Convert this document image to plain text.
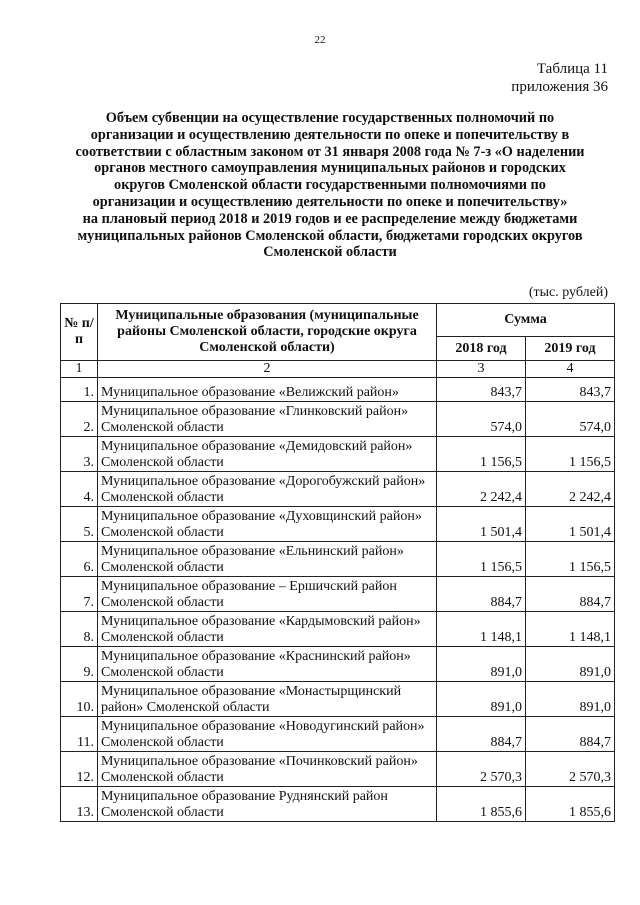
22
Таблица 11
приложения 36
Объем субвенции на осуществление государственных полномочий по
организации и осуществлению деятельности по опеке и попечительству в
соответствии с областным законом от 31 января 2008 года № 7-з «О наделении
органов местного самоуправления муниципальных районов и городских
округов Смоленской области государственными полномочиями по
организации и осуществлению деятельности по опеке и попечительству»
на плановый период 2018 и 2019 годов и ее распределение между бюджетами
муниципальных районов Смоленской области, бюджетами городских округов
Смоленской области
(тыс. рублей)
№ п/п	Муниципальные образования (муниципальные районы Смоленской области, городские округа Смоленской области)	Сумма	
		2018 год	2019 год
1	2	3	4
1.	Муниципальное образование «Велижский район»	843,7	843,7
2.	Муниципальное образование «Глинковский район» Смоленской области	574,0	574,0
3.	Муниципальное образование «Демидовский район» Смоленской области	1 156,5	1 156,5
4.	Муниципальное образование «Дорогобужский район» Смоленской области	2 242,4	2 242,4
5.	Муниципальное образование «Духовщинский район» Смоленской области	1 501,4	1 501,4
6.	Муниципальное образование «Ельнинский район» Смоленской области	1 156,5	1 156,5
7.	Муниципальное образование – Ершичский район Смоленской области	884,7	884,7
8.	Муниципальное образование «Кардымовский район» Смоленской области	1 148,1	1 148,1
9.	Муниципальное образование «Краснинский район» Смоленской области	891,0	891,0
10.	Муниципальное образование «Монастырщинский район» Смоленской области	891,0	891,0
11.	Муниципальное образование «Новодугинский район» Смоленской области	884,7	884,7
12.	Муниципальное образование «Починковский район» Смоленской области	2 570,3	2 570,3
13.	Муниципальное образование Руднянский район Смоленской области	1 855,6	1 855,6
